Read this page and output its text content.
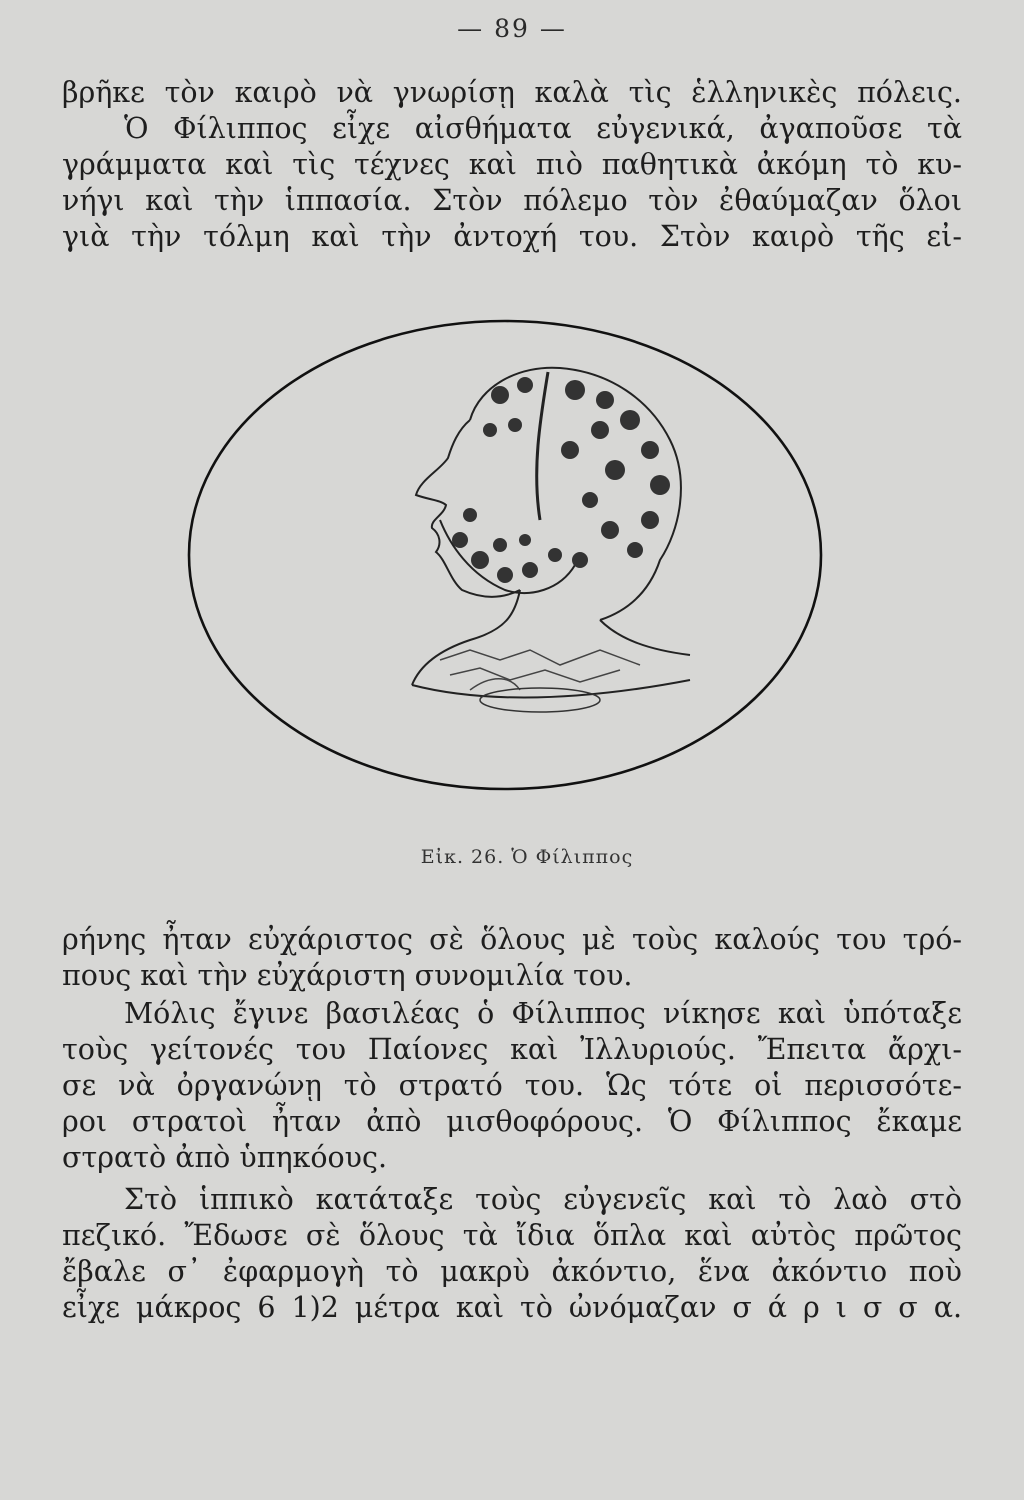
— 89 —
βρῆκε τὸν καιρὸ νὰ γνωρίσῃ καλὰ τὶς ἑλληνικὲς πόλεις.
Ὁ Φίλιππος εἶχε αἰσθήματα εὐγενικά, ἀγαποῦσε τὰ
γράμματα καὶ τὶς τέχνες καὶ πιὸ παθητικὰ ἀκόμη τὸ κυ-
νήγι καὶ τὴν ἱππασία. Στὸν πόλεμο τὸν ἐθαύμαζαν ὅλοι
γιὰ τὴν τόλμη καὶ τὴν ἀντοχή του. Στὸν καιρὸ τῆς εἰ-
Εἰκ. 26. Ὁ Φίλιππος
ρήνης ἦταν εὐχάριστος σὲ ὅλους μὲ τοὺς καλούς του τρό-
πους καὶ τὴν εὐχάριστη συνομιλία του.
Μόλις ἔγινε βασιλέας ὁ Φίλιππος νίκησε καὶ ὑπόταξε
τοὺς γείτονές του Παίονες καὶ Ἰλλυριούς. Ἔπειτα ἄρχι-
σε νὰ ὀργανώνῃ τὸ στρατό του. Ὡς τότε οἱ περισσότε-
ροι στρατοὶ ἦταν ἀπὸ μισθοφόρους. Ὁ Φίλιππος ἔκαμε
στρατὸ ἀπὸ ὑπηκόους.
Στὸ ἱππικὸ κατάταξε τοὺς εὐγενεῖς καὶ τὸ λαὸ στὸ
πεζικό. Ἔδωσε σὲ ὅλους τὰ ἴδια ὅπλα καὶ αὐτὸς πρῶτος
ἔβαλε σ᾿ ἐφαρμογὴ τὸ μακρὺ ἀκόντιο, ἕνα ἀκόντιο ποὺ
εἶχε μάκρος 6 1)2 μέτρα καὶ τὸ ὠνόμαζαν σ ά ρ ι σ σ α.
